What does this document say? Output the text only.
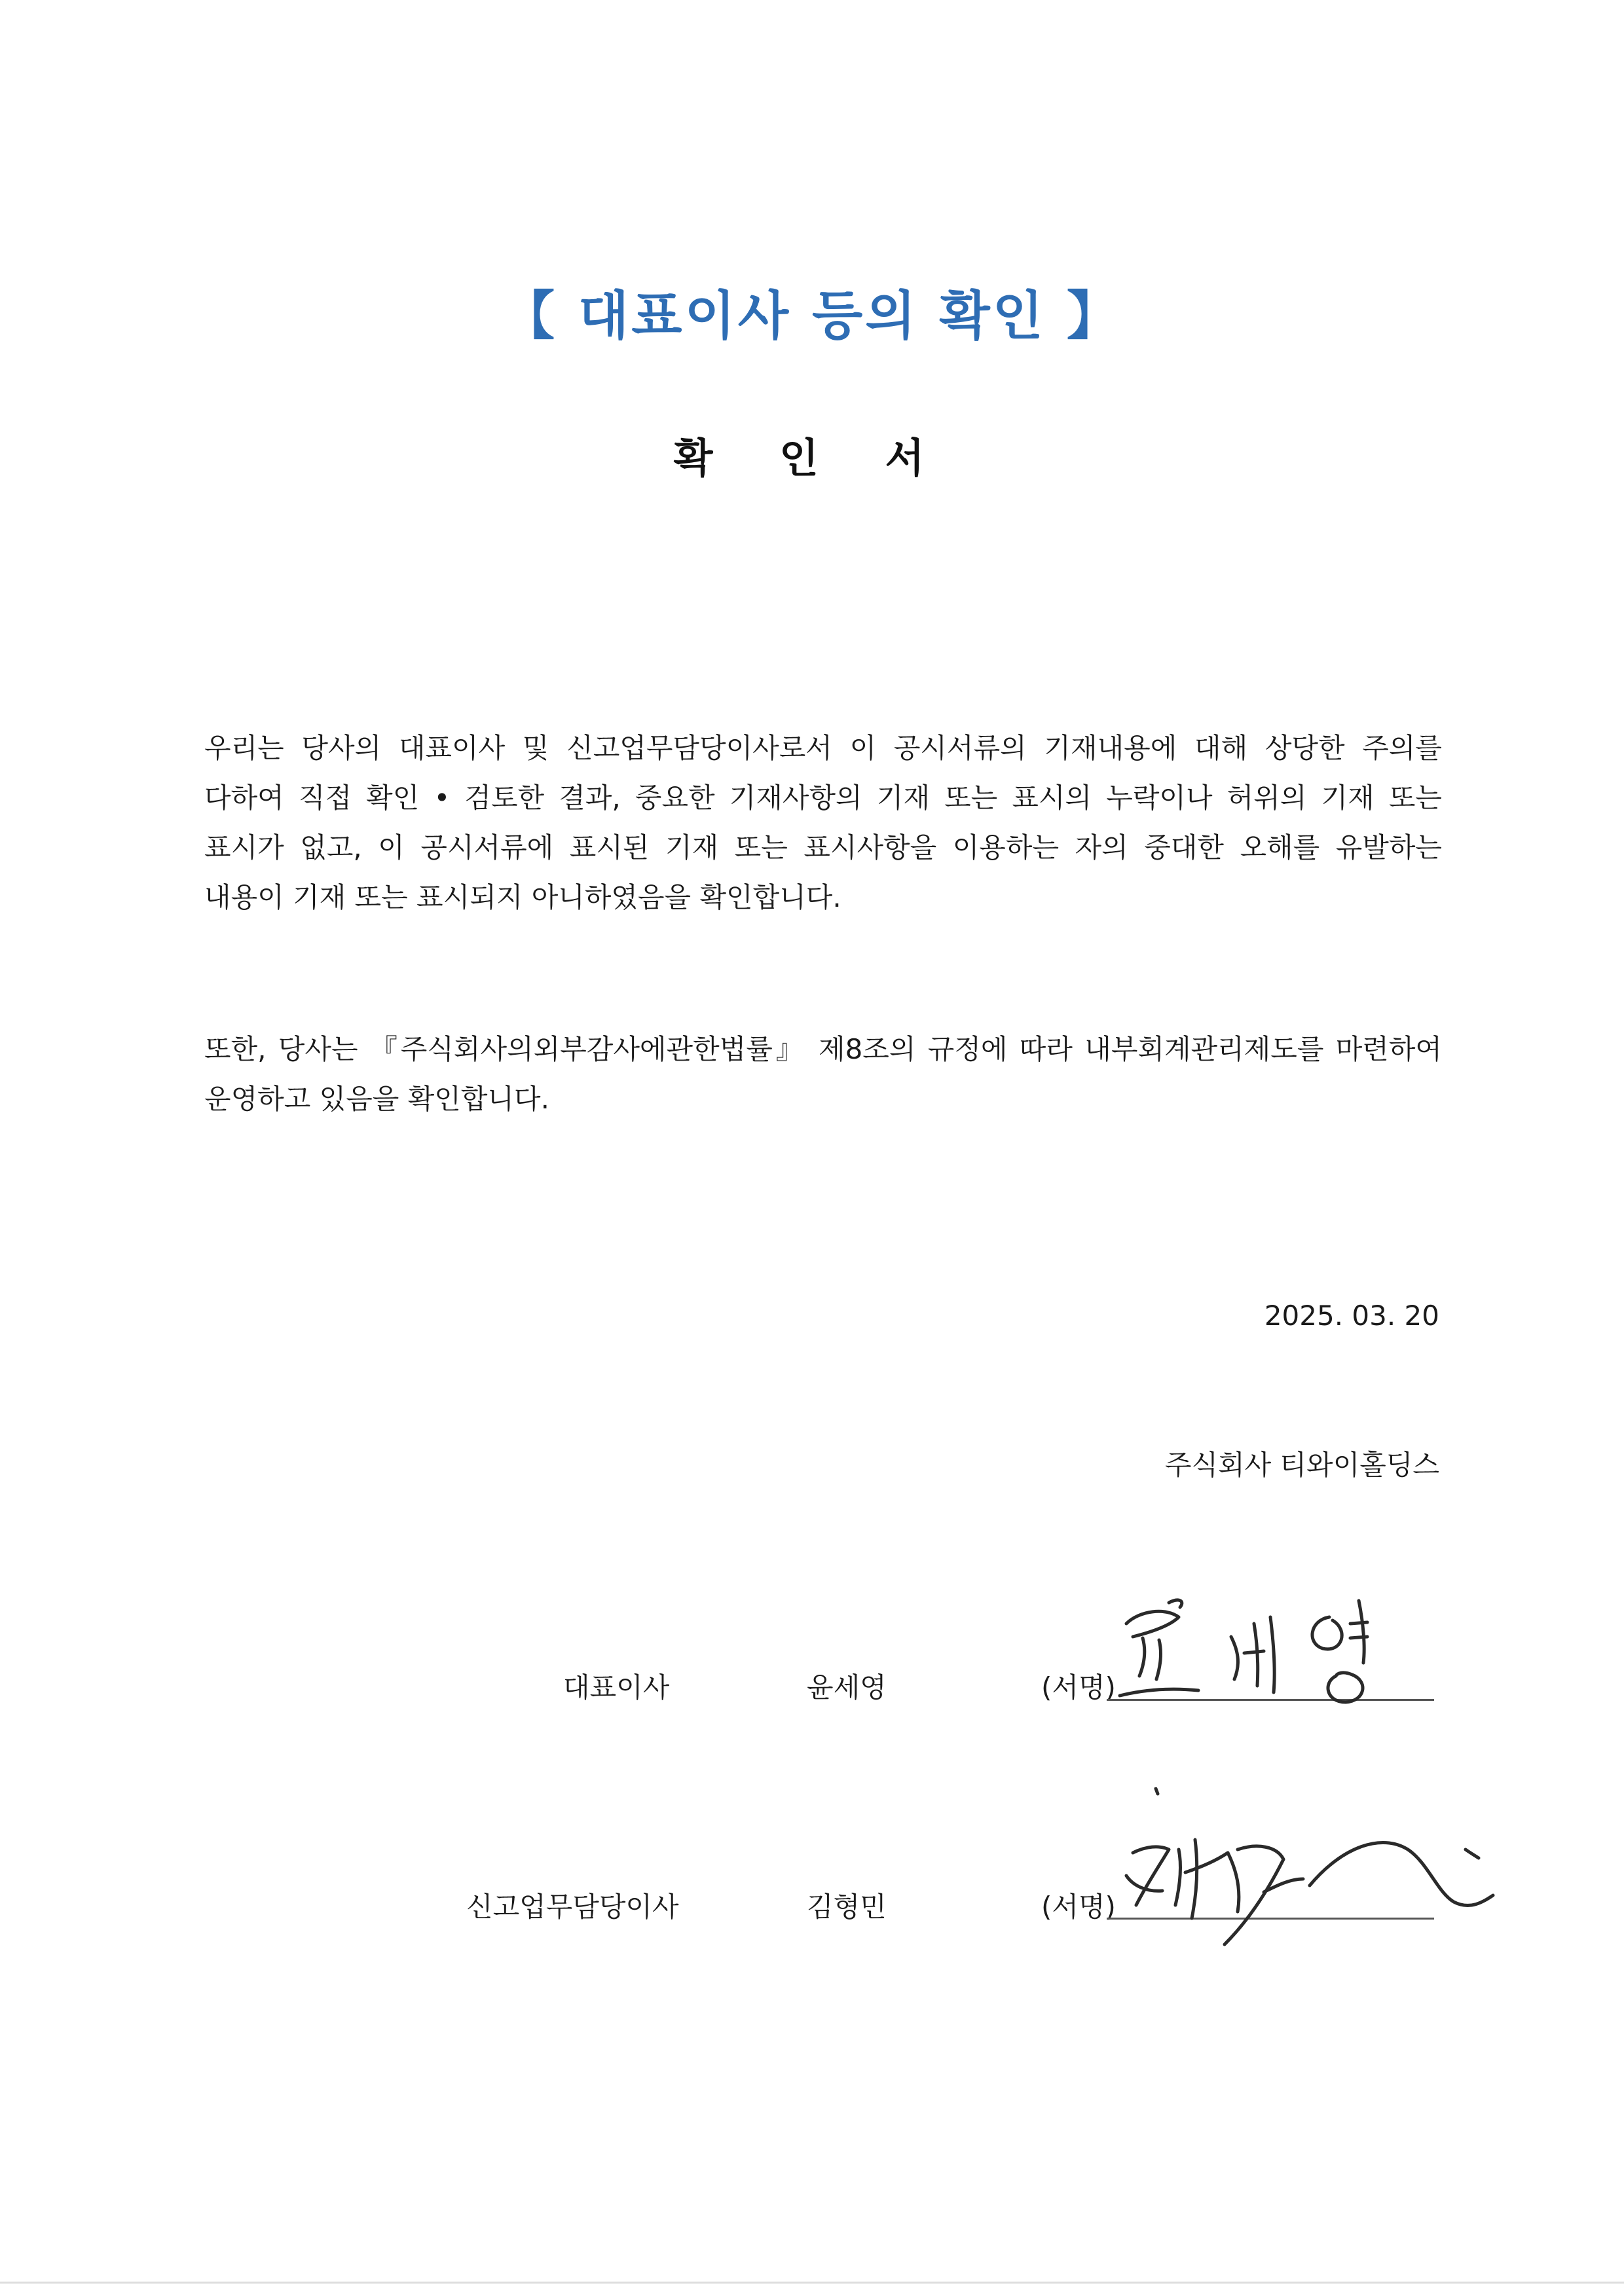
【 대표이사 등의 확인 】
확 인 서
우리는 당사의 대표이사 및 신고업무담당이사로서 이 공시서류의 기재내용에 대해 상당한 주의를 다하여 직접 확인 • 검토한 결과, 중요한 기재사항의 기재 또는 표시의 누락이나 허위의 기재 또는 표시가 없고, 이 공시서류에 표시된 기재 또는 표시사항을 이용하는 자의 중대한 오해를 유발하는 내용이 기재 또는 표시되지 아니하였음을 확인합니다.
또한, 당사는 『주식회사의외부감사에관한법률』 제8조의 규정에 따라 내부회계관리제도를 마련하여 운영하고 있음을 확인합니다.
2025. 03. 20
주식회사 티와이홀딩스
대표이사	윤세영	(서명)
신고업무담당이사	김형민	(서명)
